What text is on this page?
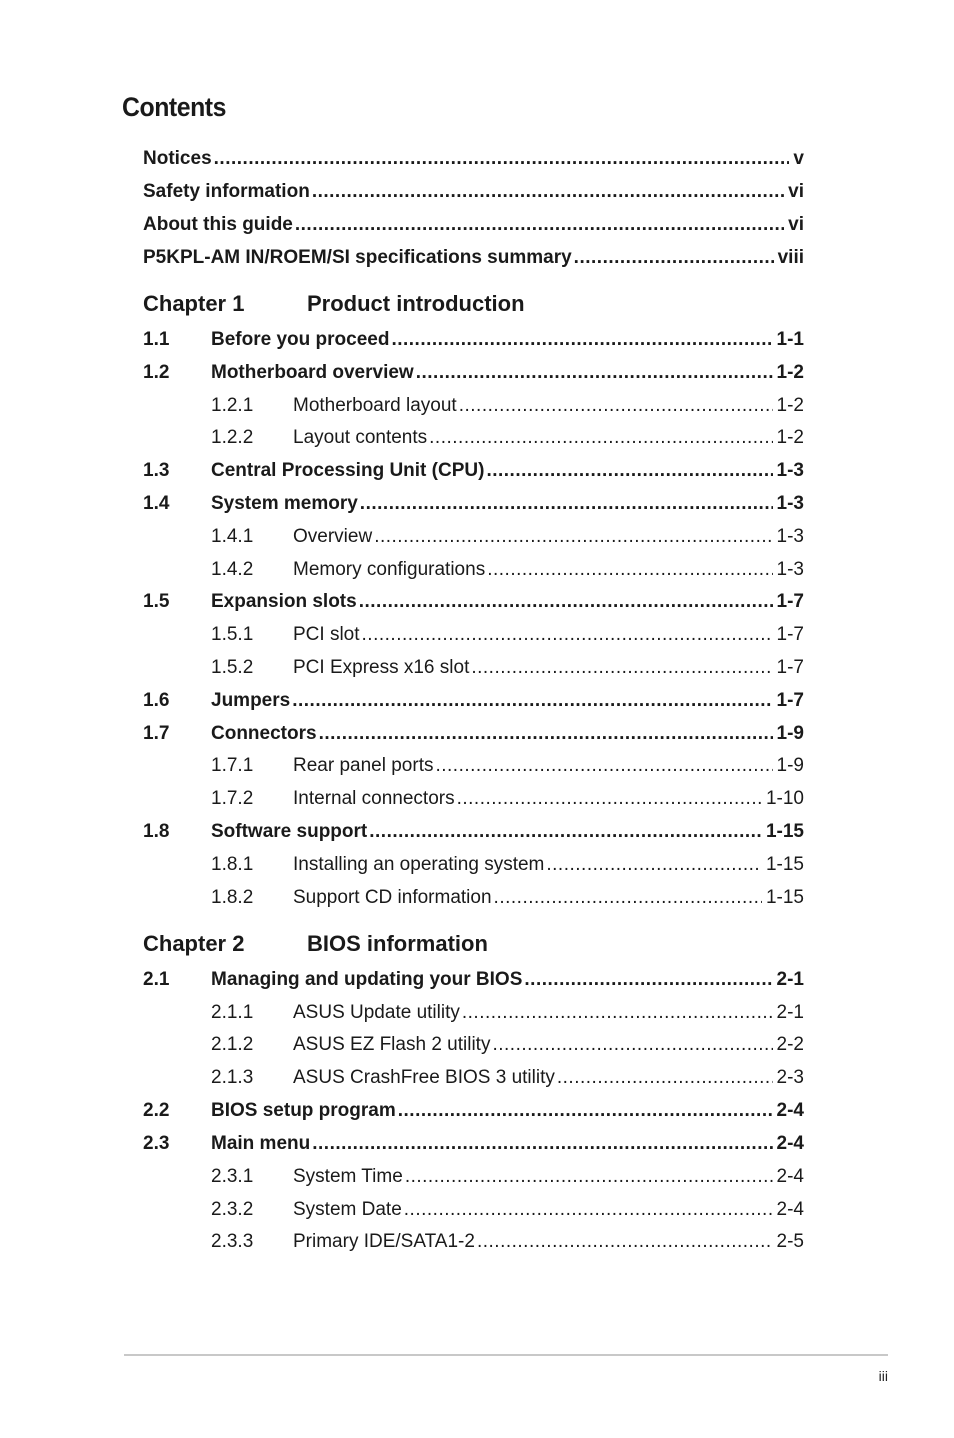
Contents
Notices .....	v
Safety information .....	vi
About this guide .....	vi
P5KPL-AM IN/ROEM/SI specifications summary .....	viii
Chapter 1	Product introduction
1.1	Before you proceed .....	1-1
1.2	Motherboard overview .....	1-2
1.2.1	Motherboard layout .....	1-2
1.2.2	Layout contents .....	1-2
1.3	Central Processing Unit (CPU) .....	1-3
1.4	System memory .....	1-3
1.4.1	Overview .....	1-3
1.4.2	Memory configurations .....	1-3
1.5	Expansion slots .....	1-7
1.5.1	PCI slot .....	1-7
1.5.2	PCI Express x16 slot .....	1-7
1.6	Jumpers .....	1-7
1.7	Connectors .....	1-9
1.7.1	Rear panel ports .....	1-9
1.7.2	Internal connectors .....	1-10
1.8	Software support .....	1-15
1.8.1	Installing an operating system .....	1-15
1.8.2	Support CD information .....	1-15
Chapter 2	BIOS information
2.1	Managing and updating your BIOS .....	2-1
2.1.1	ASUS Update utility .....	2-1
2.1.2	ASUS EZ Flash 2 utility .....	2-2
2.1.3	ASUS CrashFree BIOS 3 utility .....	2-3
2.2	BIOS setup program .....	2-4
2.3	Main menu .....	2-4
2.3.1	System Time .....	2-4
2.3.2	System Date .....	2-4
2.3.3	Primary IDE/SATA1-2 .....	2-5
iii
